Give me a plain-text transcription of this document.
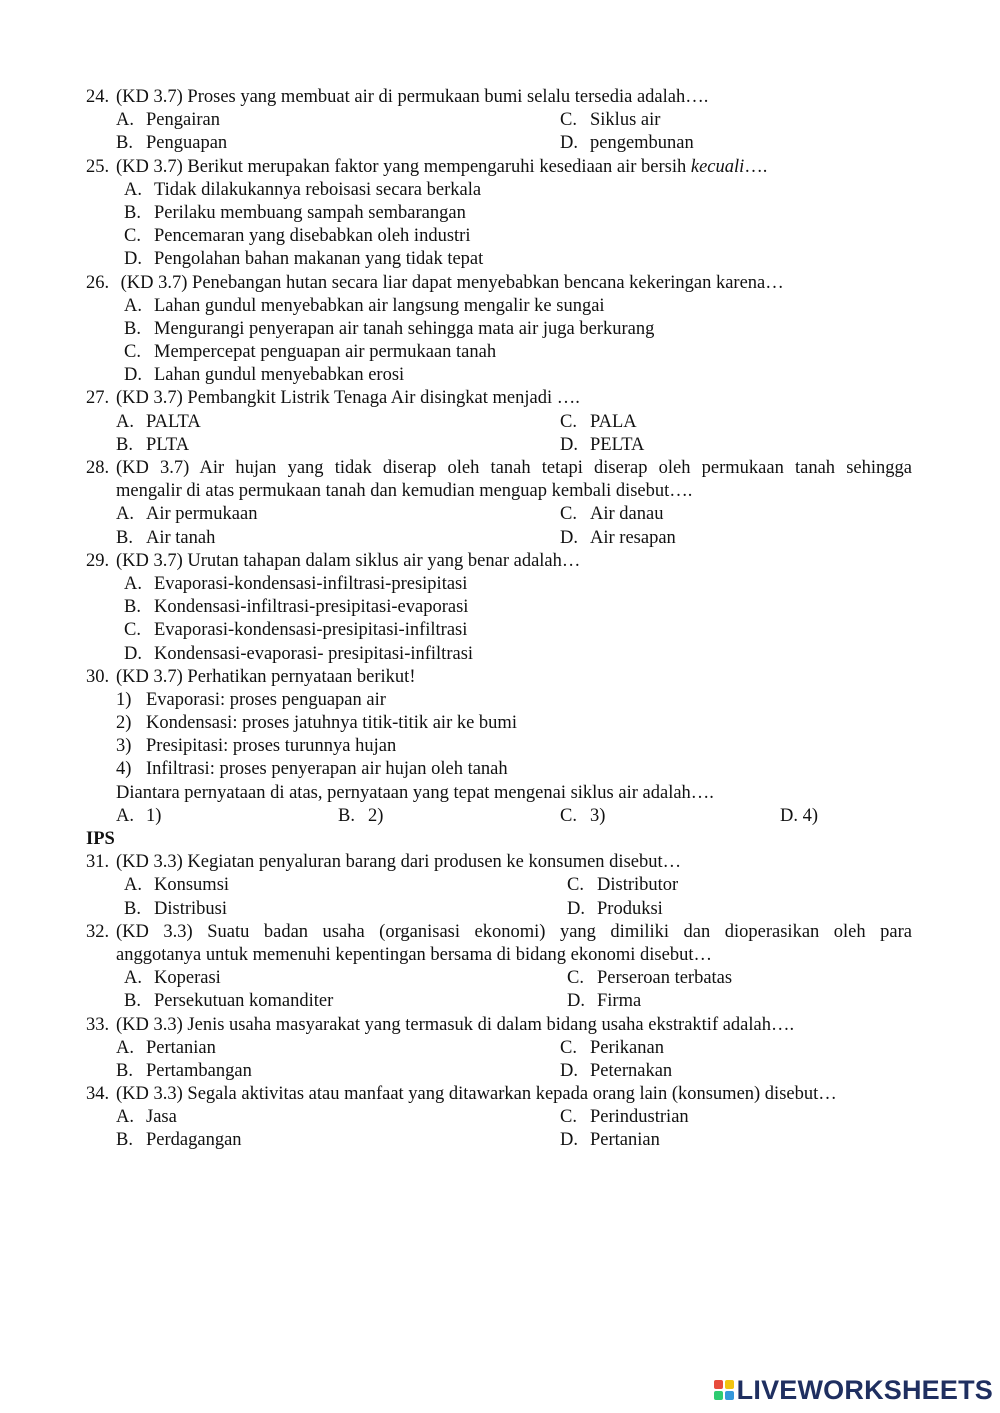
24. (KD 3.7) Proses yang membuat air di permukaan bumi selalu tersedia adalah….
A. Pengairan	C. Siklus air
B. Penguapan	D. pengembunan
25. (KD 3.7) Berikut merupakan faktor yang mempengaruhi kesediaan air bersih kecuali….
A. Tidak dilakukannya reboisasi secara berkala
B. Perilaku membuang sampah sembarangan
C. Pencemaran yang disebabkan oleh industri
D. Pengolahan bahan makanan yang tidak tepat
26. (KD 3.7) Penebangan hutan secara liar dapat menyebabkan bencana kekeringan karena…
A. Lahan gundul menyebabkan air langsung mengalir ke sungai
B. Mengurangi penyerapan air tanah sehingga mata air juga berkurang
C. Mempercepat penguapan air permukaan tanah
D. Lahan gundul menyebabkan erosi
27. (KD 3.7) Pembangkit Listrik Tenaga Air disingkat menjadi ….
A. PALTA	C. PALA
B. PLTA	D. PELTA
28. (KD 3.7) Air hujan yang tidak diserap oleh tanah tetapi diserap oleh permukaan tanah sehingga
mengalir di atas permukaan tanah dan kemudian menguap kembali disebut….
A. Air permukaan	C. Air danau
B. Air tanah	D. Air resapan
29. (KD 3.7) Urutan tahapan dalam siklus air yang benar adalah…
A. Evaporasi-kondensasi-infiltrasi-presipitasi
B. Kondensasi-infiltrasi-presipitasi-evaporasi
C. Evaporasi-kondensasi-presipitasi-infiltrasi
D. Kondensasi-evaporasi- presipitasi-infiltrasi
30. (KD 3.7) Perhatikan pernyataan berikut!
1) Evaporasi: proses penguapan air
2) Kondensasi: proses jatuhnya titik-titik air ke bumi
3) Presipitasi: proses turunnya hujan
4) Infiltrasi: proses penyerapan air hujan oleh tanah
Diantara pernyataan di atas, pernyataan yang tepat mengenai siklus air adalah….
A. 1)	B. 2)	C. 3)	D. 4)
IPS
31. (KD 3.3) Kegiatan penyaluran barang dari produsen ke konsumen disebut…
A. Konsumsi	C. Distributor
B. Distribusi	D. Produksi
32. (KD 3.3) Suatu badan usaha (organisasi ekonomi) yang dimiliki dan dioperasikan oleh para
anggotanya untuk memenuhi kepentingan bersama di bidang ekonomi disebut…
A. Koperasi	C. Perseroan terbatas
B. Persekutuan komanditer	D. Firma
33. (KD 3.3) Jenis usaha masyarakat yang termasuk di dalam bidang usaha ekstraktif adalah….
A. Pertanian	C. Perikanan
B. Pertambangan	D. Peternakan
34. (KD 3.3) Segala aktivitas atau manfaat yang ditawarkan kepada orang lain (konsumen) disebut…
A. Jasa	C. Perindustrian
B. Perdagangan	D. Pertanian
LIVEWORKSHEETS
